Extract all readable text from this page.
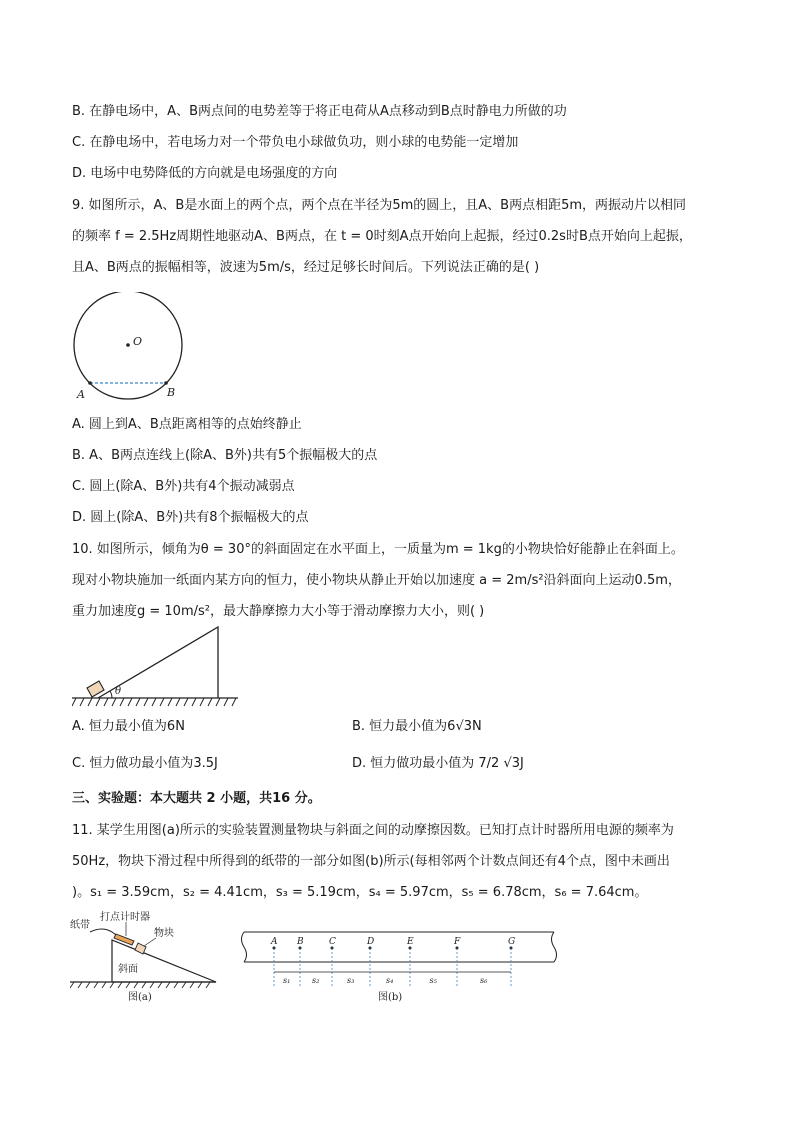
B. 在静电场中，A、B两点间的电势差等于将正电荷从A点移动到B点时静电力所做的功
C. 在静电场中，若电场力对一个带负电小球做负功，则小球的电势能一定增加
D. 电场中电势降低的方向就是电场强度的方向
9. 如图所示，A、B是水面上的两个点，两个点在半径为5m的圆上，且A、B两点相距5m，两振动片以相同
的频率 f = 2.5Hz周期性地驱动A、B两点，在 t = 0时刻A点开始向上起振，经过0.2s时B点开始向上起振，
且A、B两点的振幅相等，波速为5m/s，经过足够长时间后。下列说法正确的是( )
O
A	B
A. 圆上到A、B点距离相等的点始终静止
B. A、B两点连线上(除A、B外)共有5个振幅极大的点
C. 圆上(除A、B外)共有4个振动减弱点
D. 圆上(除A、B外)共有8个振幅极大的点
10. 如图所示，倾角为θ = 30°的斜面固定在水平面上，一质量为m = 1kg的小物块恰好能静止在斜面上。
现对小物块施加一纸面内某方向的恒力，使小物块从静止开始以加速度 a = 2m/s²沿斜面向上运动0.5m，
重力加速度g = 10m/s²，最大静摩擦力大小等于滑动摩擦力大小，则( )
θ
A. 恒力最小值为6N	B. 恒力最小值为6√3N
C. 恒力做功最小值为3.5J	D. 恒力做功最小值为 7/2 √3J
三、实验题：本大题共 2 小题，共16 分。
11. 某学生用图(a)所示的实验装置测量物块与斜面之间的动摩擦因数。已知打点计时器所用电源的频率为
50Hz，物块下滑过程中所得到的纸带的一部分如图(b)所示(每相邻两个计数点间还有4个点，图中未画出
)。s₁ = 3.59cm，s₂ = 4.41cm，s₃ = 5.19cm，s₄ = 5.97cm，s₅ = 6.78cm，s₆ = 7.64cm。
纸带
打点计时器
物块
斜面
图(a)
A B	C	D	E	F	G
s₁	s₂	s₃	s₄	s₅	s₆
图(b)
